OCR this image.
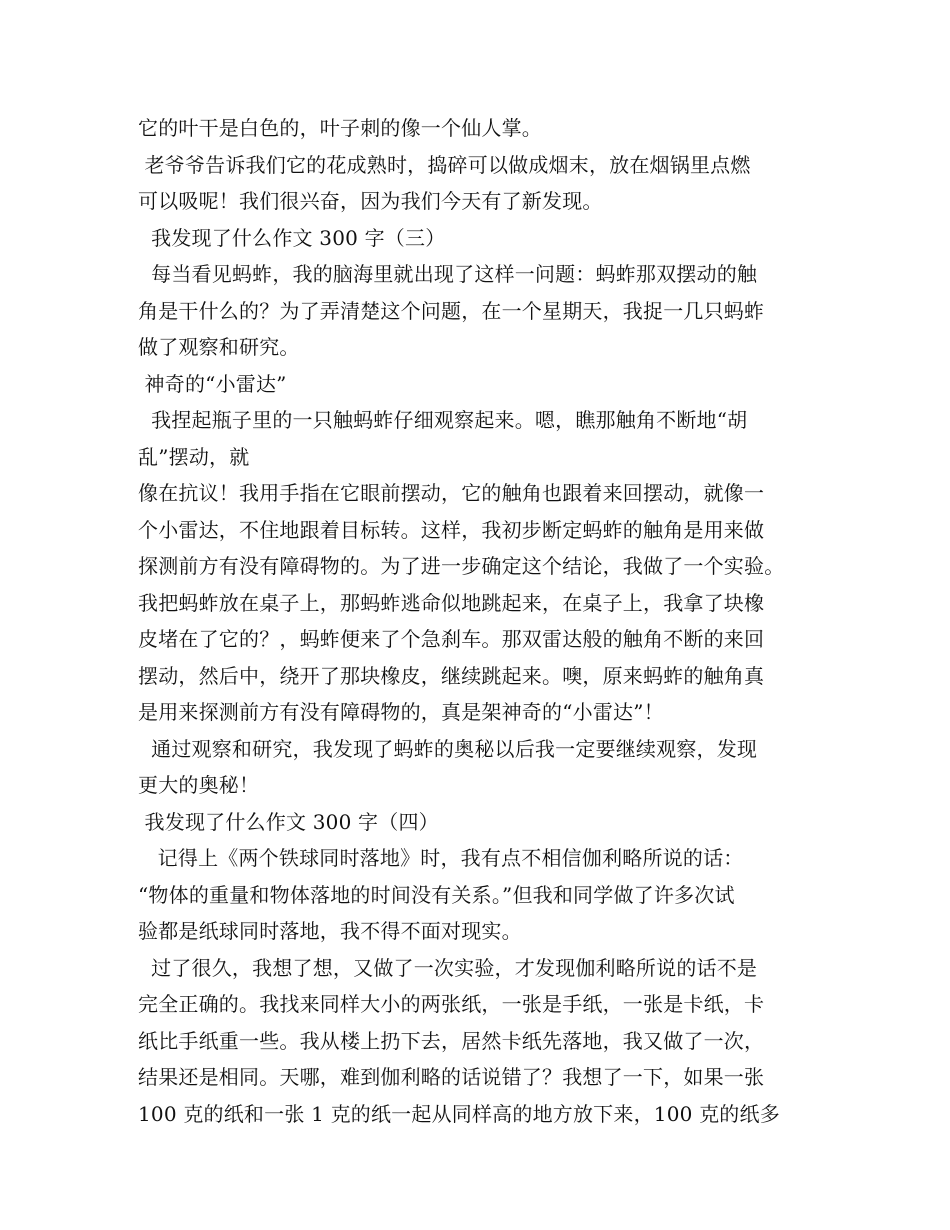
它的叶干是白色的，叶子刺的像一个仙人掌。
老爷爷告诉我们它的花成熟时，捣碎可以做成烟末，放在烟锅里点燃
可以吸呢！我们很兴奋，因为我们今天有了新发现。
我发现了什么作文 300 字（三）
每当看见蚂蚱，我的脑海里就出现了这样一问题：蚂蚱那双摆动的触
角是干什么的？为了弄清楚这个问题，在一个星期天，我捉一几只蚂蚱
做了观察和研究。
神奇的“小雷达”
我捏起瓶子里的一只触蚂蚱仔细观察起来。嗯，瞧那触角不断地“胡
乱”摆动，就
像在抗议！我用手指在它眼前摆动，它的触角也跟着来回摆动，就像一
个小雷达，不住地跟着目标转。这样，我初步断定蚂蚱的触角是用来做
探测前方有没有障碍物的。为了进一步确定这个结论，我做了一个实验。
我把蚂蚱放在桌子上，那蚂蚱逃命似地跳起来，在桌子上，我拿了块橡
皮堵在了它的？，蚂蚱便来了个急刹车。那双雷达般的触角不断的来回
摆动，然后中，绕开了那块橡皮，继续跳起来。噢，原来蚂蚱的触角真
是用来探测前方有没有障碍物的，真是架神奇的“小雷达”！
通过观察和研究，我发现了蚂蚱的奥秘以后我一定要继续观察，发现
更大的奥秘！
我发现了什么作文 300 字（四）
记得上《两个铁球同时落地》时，我有点不相信伽利略所说的话：
“物体的重量和物体落地的时间没有关系。”但我和同学做了许多次试
验都是纸球同时落地，我不得不面对现实。
过了很久，我想了想，又做了一次实验，才发现伽利略所说的话不是
完全正确的。我找来同样大小的两张纸，一张是手纸，一张是卡纸，卡
纸比手纸重一些。我从楼上扔下去，居然卡纸先落地，我又做了一次，
结果还是相同。天哪，难到伽利略的话说错了？我想了一下，如果一张
100 克的纸和一张 1 克的纸一起从同样高的地方放下来，100 克的纸多
